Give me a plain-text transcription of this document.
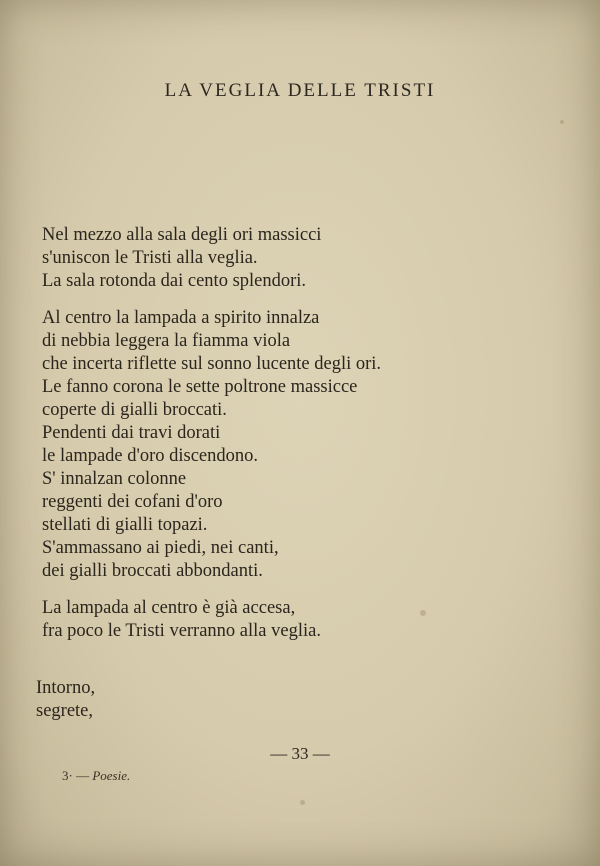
LA VEGLIA DELLE TRISTI
Nel mezzo alla sala degli ori massicci
s'uniscon le Tristi alla veglia.
La sala rotonda dai cento splendori.
Al centro la lampada a spirito innalza
di nebbia leggera la fiamma viola
che incerta riflette sul sonno lucente degli ori.
Le fanno corona le sette poltrone massicce
coperte di gialli broccati.
Pendenti dai travi dorati
le lampade d'oro discendono.
S' innalzan colonne
reggenti dei cofani d'oro
stellati di gialli topazi.
S'ammassano ai piedi, nei canti,
dei gialli broccati abbondanti.
La lampada al centro è già accesa,
fra poco le Tristi verranno alla veglia.
Intorno,
segrete,
— 33 —
3· — Poesie.
